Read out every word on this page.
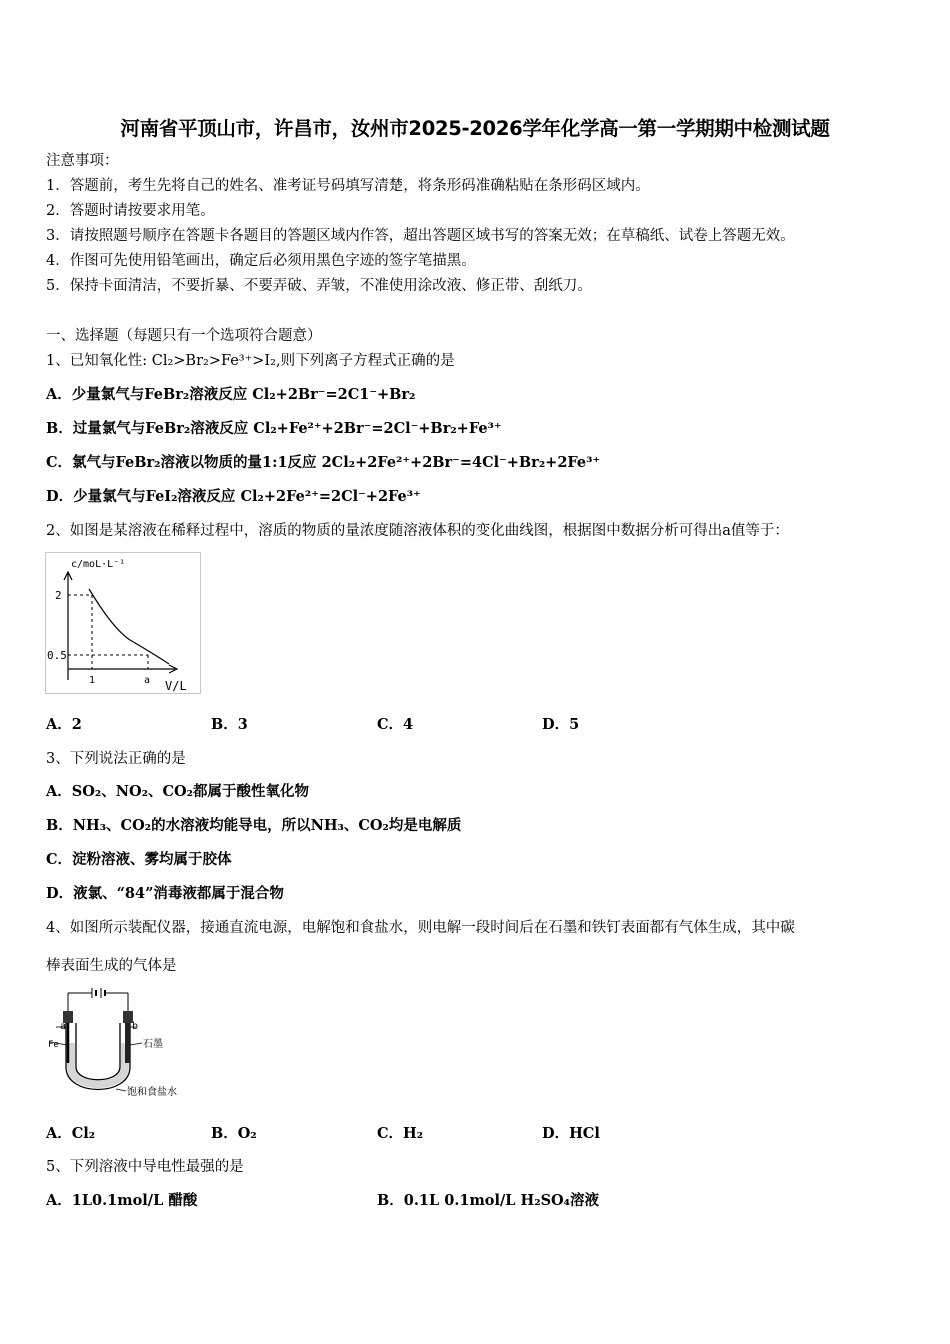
河南省平顶山市，许昌市，汝州市2025-2026学年化学高一第一学期期中检测试题
注意事项：
1．答题前，考生先将自己的姓名、准考证号码填写清楚，将条形码准确粘贴在条形码区域内。
2．答题时请按要求用笔。
3．请按照题号顺序在答题卡各题目的答题区域内作答，超出答题区域书写的答案无效；在草稿纸、试卷上答题无效。
4．作图可先使用铅笔画出，确定后必须用黑色字迹的签字笔描黑。
5．保持卡面清洁，不要折暴、不要弄破、弄皱，不准使用涂改液、修正带、刮纸刀。
一、选择题（每题只有一个选项符合题意）
1、已知氧化性: Cl₂>Br₂>Fe³⁺>I₂,则下列离子方程式正确的是
A．少量氯气与FeBr₂溶液反应 Cl₂+2Br⁻=2C1⁻+Br₂
B．过量氯气与FeBr₂溶液反应 Cl₂+Fe²⁺+2Br⁻=2Cl⁻+Br₂+Fe³⁺
C．氯气与FeBr₂溶液以物质的量1:1反应 2Cl₂+2Fe²⁺+2Br⁻=4Cl⁻+Br₂+2Fe³⁺
D．少量氯气与FeI₂溶液反应 Cl₂+2Fe²⁺=2Cl⁻+2Fe³⁺
2、如图是某溶液在稀释过程中，溶质的物质的量浓度随溶液体积的变化曲线图，根据图中数据分析可得出a值等于：
c/moL·L⁻¹
2
0.5
1	a V/L
A．2	B．3	C．4	D．5
3、下列说法正确的是
A．SO₂、NO₂、CO₂都属于酸性氧化物
B．NH₃、CO₂的水溶液均能导电，所以NH₃、CO₂均是电解质
C．淀粉溶液、雾均属于胶体
D．液氯、“84”消毒液都属于混合物
4、如图所示装配仪器，接通直流电源，电解饱和食盐水，则电解一段时间后在石墨和铁钉表面都有气体生成，其中碳
棒表面生成的气体是
a	b
Fe	石墨
饱和食盐水
A．Cl₂	B．O₂	C．H₂	D．HCl
5、下列溶液中导电性最强的是
A．1L0.1mol/L 醋酸	B．0.1L 0.1mol/L H₂SO₄溶液
